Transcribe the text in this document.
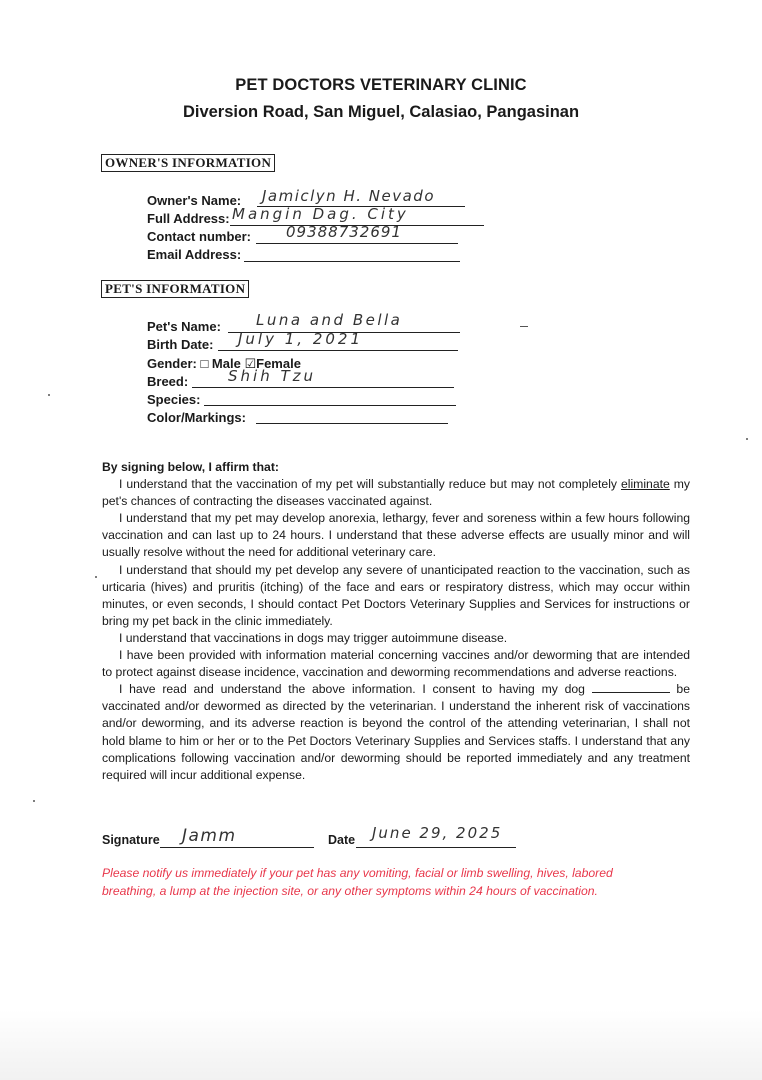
PET DOCTORS VETERINARY CLINIC
Diversion Road, San Miguel, Calasiao, Pangasinan
OWNER'S INFORMATION
Owner's Name: Jamiclyn H. Nevado
Full Address: Mangin Dag. City
Contact number: 09388732691
Email Address:
PET'S INFORMATION
Pet's Name: Luna and Bella
Birth Date: July 1, 2021
Gender: □ Male ☑Female
Breed:	Shih Tzu
Species:
Color/Markings:
By signing below, I affirm that:

I understand that the vaccination of my pet will substantially reduce but may not completely eliminate my pet's chances of contracting the diseases vaccinated against.

I understand that my pet may develop anorexia, lethargy, fever and soreness within a few hours following vaccination and can last up to 24 hours. I understand that these adverse effects are usually minor and will usually resolve without the need for additional veterinary care.

I understand that should my pet develop any severe of unanticipated reaction to the vaccination, such as urticaria (hives) and pruritis (itching) of the face and ears or respiratory distress, which may occur within minutes, or even seconds, I should contact Pet Doctors Veterinary Supplies and Services for instructions or bring my pet back in the clinic immediately.

I understand that vaccinations in dogs may trigger autoimmune disease.

I have been provided with information material concerning vaccines and/or deworming that are intended to protect against disease incidence, vaccination and deworming recommendations and adverse reactions.

I have read and understand the above information. I consent to having my dog	be vaccinated and/or dewormed as directed by the veterinarian. I understand the inherent risk of vaccinations and/or deworming, and its adverse reaction is beyond the control of the attending veterinarian, I shall not hold blame to him or her or to the Pet Doctors Veterinary Supplies and Services staffs. I understand that any complications following vaccination and/or deworming should be reported immediately and any treatment required will incur additional expense.

Signature Jamm	Date June 29, 2025
Please notify us immediately if your pet has any vomiting, facial or limb swelling, hives, labored breathing, a lump at the injection site, or any other symptoms within 24 hours of vaccination.
